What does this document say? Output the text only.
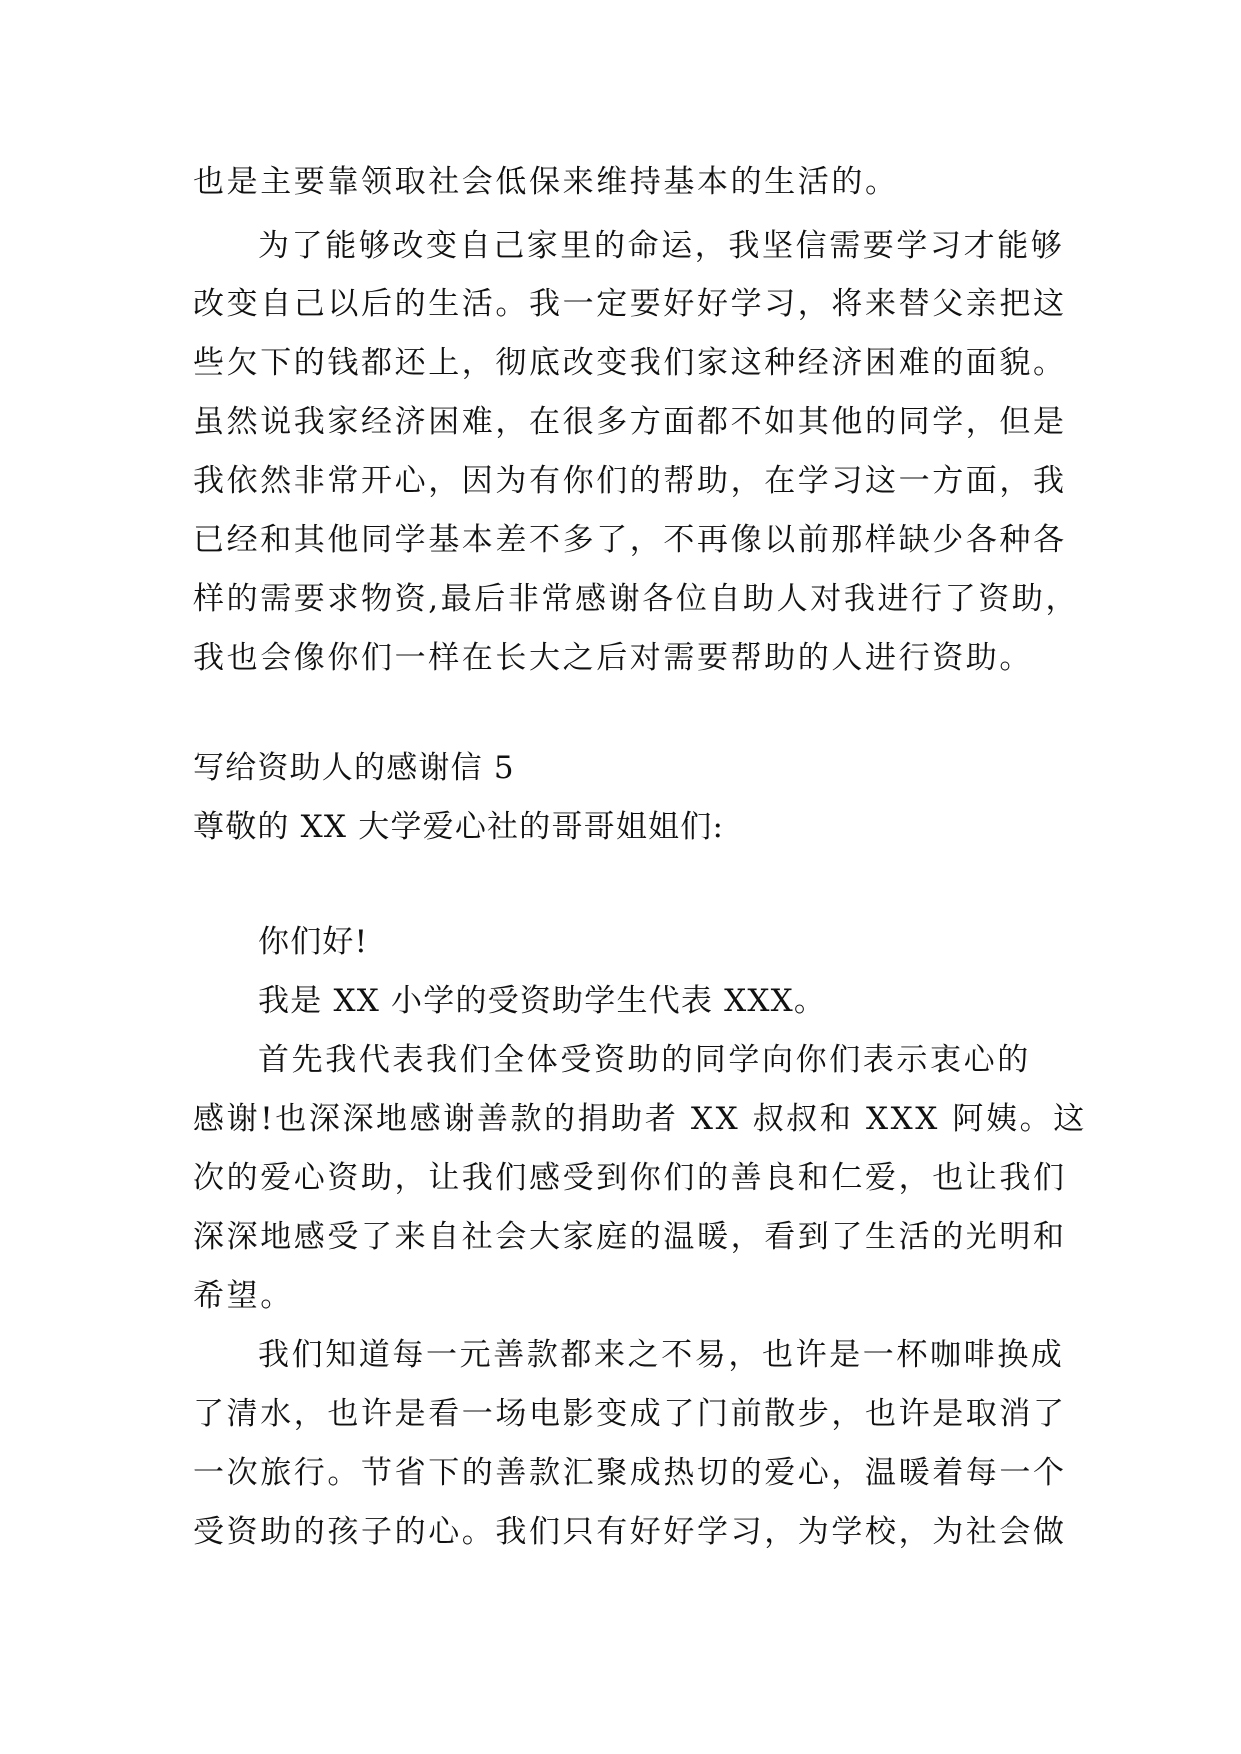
也是主要靠领取社会低保来维持基本的生活的。
为了能够改变自己家里的命运，我坚信需要学习才能够
改变自己以后的生活。我一定要好好学习，将来替父亲把这
些欠下的钱都还上，彻底改变我们家这种经济困难的面貌。
虽然说我家经济困难，在很多方面都不如其他的同学，但是
我依然非常开心，因为有你们的帮助，在学习这一方面，我
已经和其他同学基本差不多了，不再像以前那样缺少各种各
样的需要求物资,最后非常感谢各位自助人对我进行了资助，
我也会像你们一样在长大之后对需要帮助的人进行资助。
写给资助人的感谢信 5
尊敬的 XX 大学爱心社的哥哥姐姐们:
你们好!
我是 XX 小学的受资助学生代表 XXX。
首先我代表我们全体受资助的同学向你们表示衷心的
感谢!也深深地感谢善款的捐助者 XX 叔叔和 XXX 阿姨。这
次的爱心资助，让我们感受到你们的善良和仁爱，也让我们
深深地感受了来自社会大家庭的温暖，看到了生活的光明和
希望。
我们知道每一元善款都来之不易，也许是一杯咖啡换成
了清水，也许是看一场电影变成了门前散步，也许是取消了
一次旅行。节省下的善款汇聚成热切的爱心，温暖着每一个
受资助的孩子的心。我们只有好好学习，为学校，为社会做
